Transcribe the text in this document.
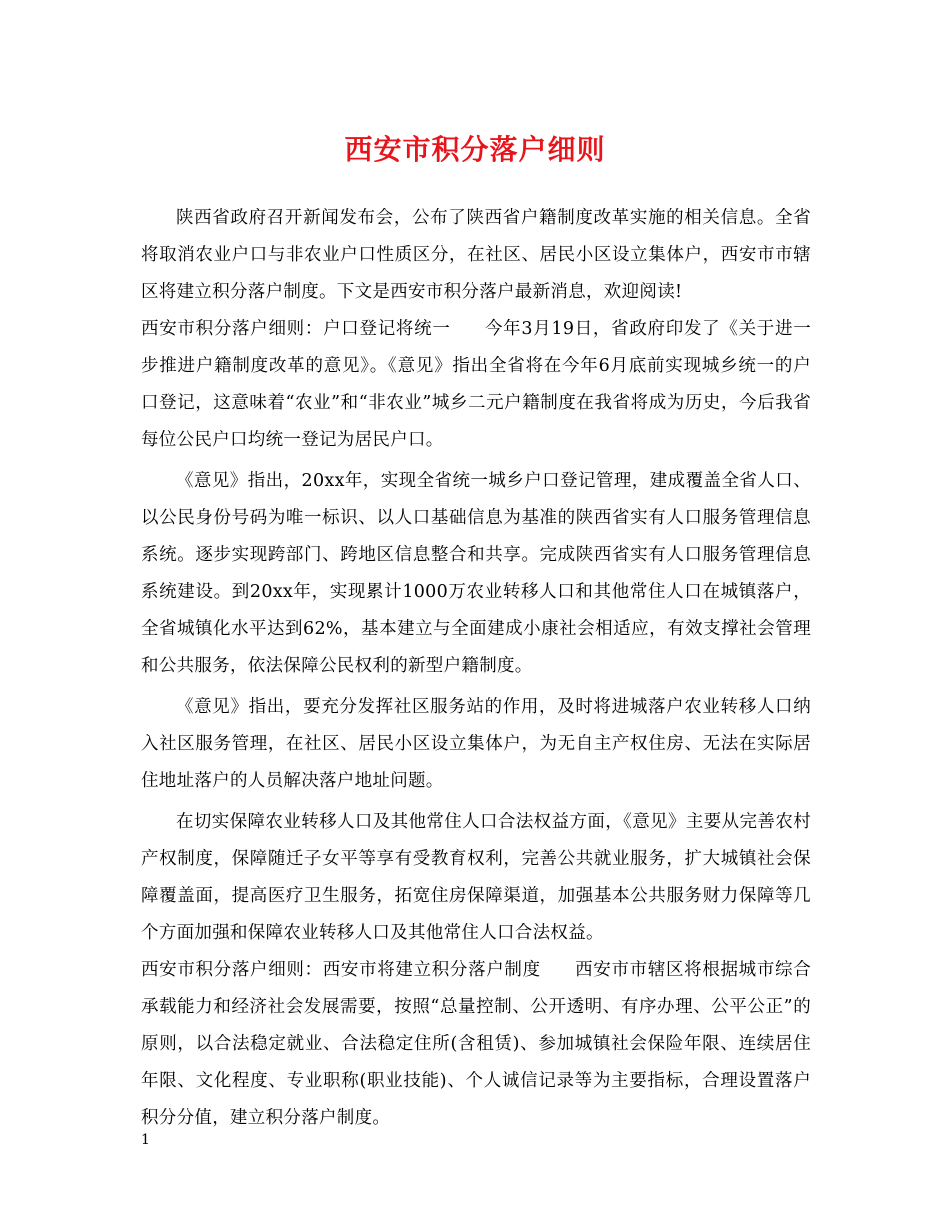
西安市积分落户细则

陕西省政府召开新闻发布会，公布了陕西省户籍制度改革实施的相关信息。全省将取消农业户口与非农业户口性质区分，在社区、居民小区设立集体户，西安市市辖区将建立积分落户制度。下文是西安市积分落户最新消息，欢迎阅读!

西安市积分落户细则：户口登记将统一 今年3月19日，省政府印发了《关于进一步推进户籍制度改革的意见》。《意见》指出全省将在今年6月底前实现城乡统一的户口登记，这意味着“农业”和“非农业”城乡二元户籍制度在我省将成为历史，今后我省每位公民户口均统一登记为居民户口。

《意见》指出，20xx年，实现全省统一城乡户口登记管理，建成覆盖全省人口、以公民身份号码为唯一标识、以人口基础信息为基准的陕西省实有人口服务管理信息系统。逐步实现跨部门、跨地区信息整合和共享。完成陕西省实有人口服务管理信息系统建设。到20xx年，实现累计1000万农业转移人口和其他常住人口在城镇落户，全省城镇化水平达到62%，基本建立与全面建成小康社会相适应，有效支撑社会管理和公共服务，依法保障公民权利的新型户籍制度。

《意见》指出，要充分发挥社区服务站的作用，及时将进城落户农业转移人口纳入社区服务管理，在社区、居民小区设立集体户，为无自主产权住房、无法在实际居住地址落户的人员解决落户地址问题。

在切实保障农业转移人口及其他常住人口合法权益方面，《意见》主要从完善农村产权制度，保障随迁子女平等享有受教育权利，完善公共就业服务，扩大城镇社会保障覆盖面，提高医疗卫生服务，拓宽住房保障渠道，加强基本公共服务财力保障等几个方面加强和保障农业转移人口及其他常住人口合法权益。

西安市积分落户细则：西安市将建立积分落户制度 西安市市辖区将根据城市综合承载能力和经济社会发展需要，按照“总量控制、公开透明、有序办理、公平公正”的原则，以合法稳定就业、合法稳定住所(含租赁)、参加城镇社会保险年限、连续居住年限、文化程度、专业职称(职业技能)、个人诚信记录等为主要指标，合理设置落户积分分值，建立积分落户制度。

1
